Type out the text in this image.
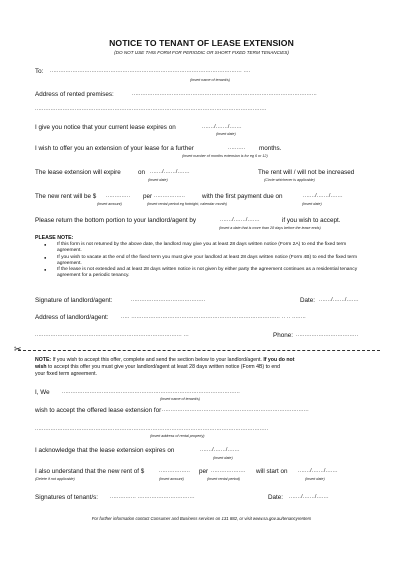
NOTICE TO TENANT OF LEASE EXTENSION
(DO NOT USE THIS FORM FOR PERIODIC OR SHORT FIXED TERM TENANCIES)
To: ............................................................................................................... ....
(insert name of tenant/s)
Address of rented premises:	...........................................................................................................
......................................................................................................................................
I give you notice that your current lease expires on	......./......./.......
(insert date)
I wish to offer you an extension of your lease for a further	.......... months.
(insert number of months extension is for eg 6 or 12)
The lease extension will expire	on ......./......./.......	The rent will / will not be increased
(insert date)	(Circle whichever is applicable)
The new rent will be $ .............. per ..................	with the first payment due on	......./......./.......
(insert amount)	(insert rental period eg fortnight, calendar month)	(insert date)
Please return the bottom portion to your landlord/agent by	......./......./.......	if you wish to accept.
(insert a date that is more than 28 days before the lease ends)
PLEASE NOTE:
● If this form is not returned by the above date, the landlord may give you at least 28 days written notice (Form 2A) to end the fixed term agreement.
● If you wish to vacate at the end of the fixed term you must give your landlord at least 28 days written notice (Form 4B) to end the fixed term agreement.
● If the lease is not extended and at least 28 days written notice is not given by either party the agreement continues as a residential tenancy agreement for a periodic tenancy.
Signature of landlord/agent:	...........................................	Date: ......./......./.......
Address of landlord/agent: ..... ...................................................................................... .. .. ........
..................................................................................... ...	Phone: ....................................
✂
NOTE: If you wish to accept this offer, complete and send the section below to your landlord/agent. If you do not
wish to accept this offer you must give your landlord/agent at least 28 days written notice (Form 4B) to end
your fixed term agreement.
I, We .......................................................................................................
(insert name of tenant/s)
wish to accept the offered lease extension for .....................................................................................
.......................................................................................................................................
(insert address of rental property)
I acknowledge that the lease extension expires on	......./......./.......
(insert date)
I also understand that the new rent of $	.................. per .................... will start on ......./......./.......
(Delete if not applicable)	(insert amount)	(insert rental period)	(insert date)
Signatures of tenant/s: ............... .................................	Date: ......./......./.......
For further information contact Consumer and Business services on 131 882, or visit www.sa.gov.au/tenancyrenters
